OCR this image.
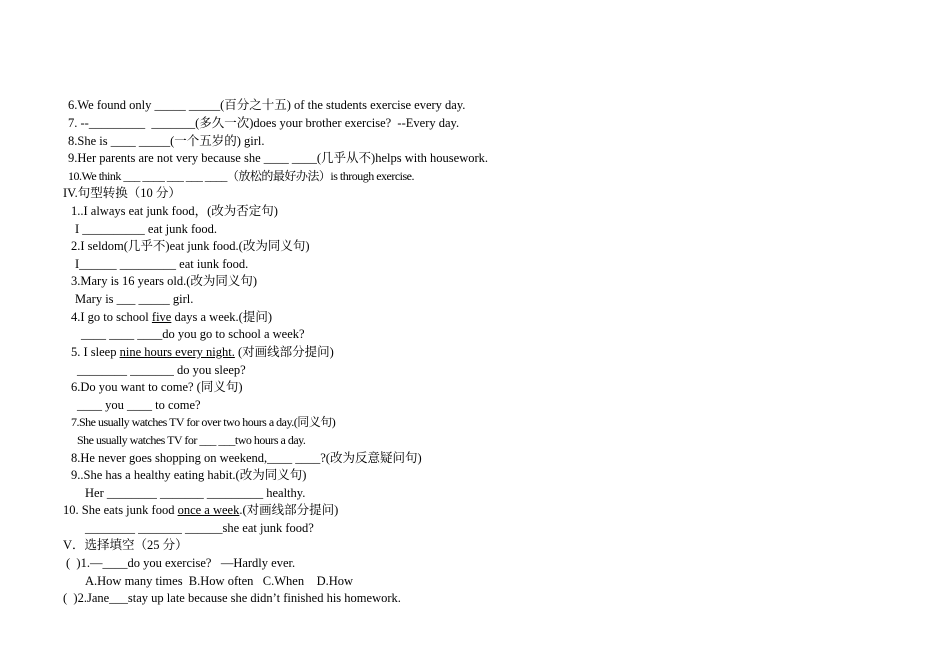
6.We found only _____ _____(百分之十五) of the students exercise every day.
7. --_________  _______(多久一次)does your brother exercise?  --Every day.
8.She is ____ _____(一个五岁的) girl.
9.Her parents are not very because she ____ ____(几乎从不)helps with housework.
10.We think ___ ____ ___ ___ ____（放松的最好办法）is through exercise.
IV.句型转换（10 分）
1..I always eat junk food，(改为否定句)
I __________ eat junk food.
2.I seldom(几乎不)eat junk food.(改为同义句)
I______ _________ eat iunk food.
3.Mary is 16 years old.(改为同义句)
Mary is ___ _____ girl.
4.I go to school five days a week.(提问)
____ ____ ____do you go to school a week?
5. I sleep nine hours every night. (对画线部分提问)
________ _______ do you sleep?
6.Do you want to come? (同义句)
____ you ____ to come?
7.She usually watches TV for over two hours a day.(同义句)
She usually watches TV for ___ ___two hours a day.
8.He never goes shopping on weekend,____ ____?(改为反意疑问句)
9..She has a healthy eating habit.(改为同义句)
Her ________ _______ _________ healthy.
10. She eats junk food once a week.(对画线部分提问)
________ _______ ______she eat junk food?
V．选择填空（25 分）
(  )1.—____do you exercise?   —Hardly ever.
A.How many times  B.How often   C.When    D.How
(  )2.Jane___stay up late because she didn’t finished his homework.
